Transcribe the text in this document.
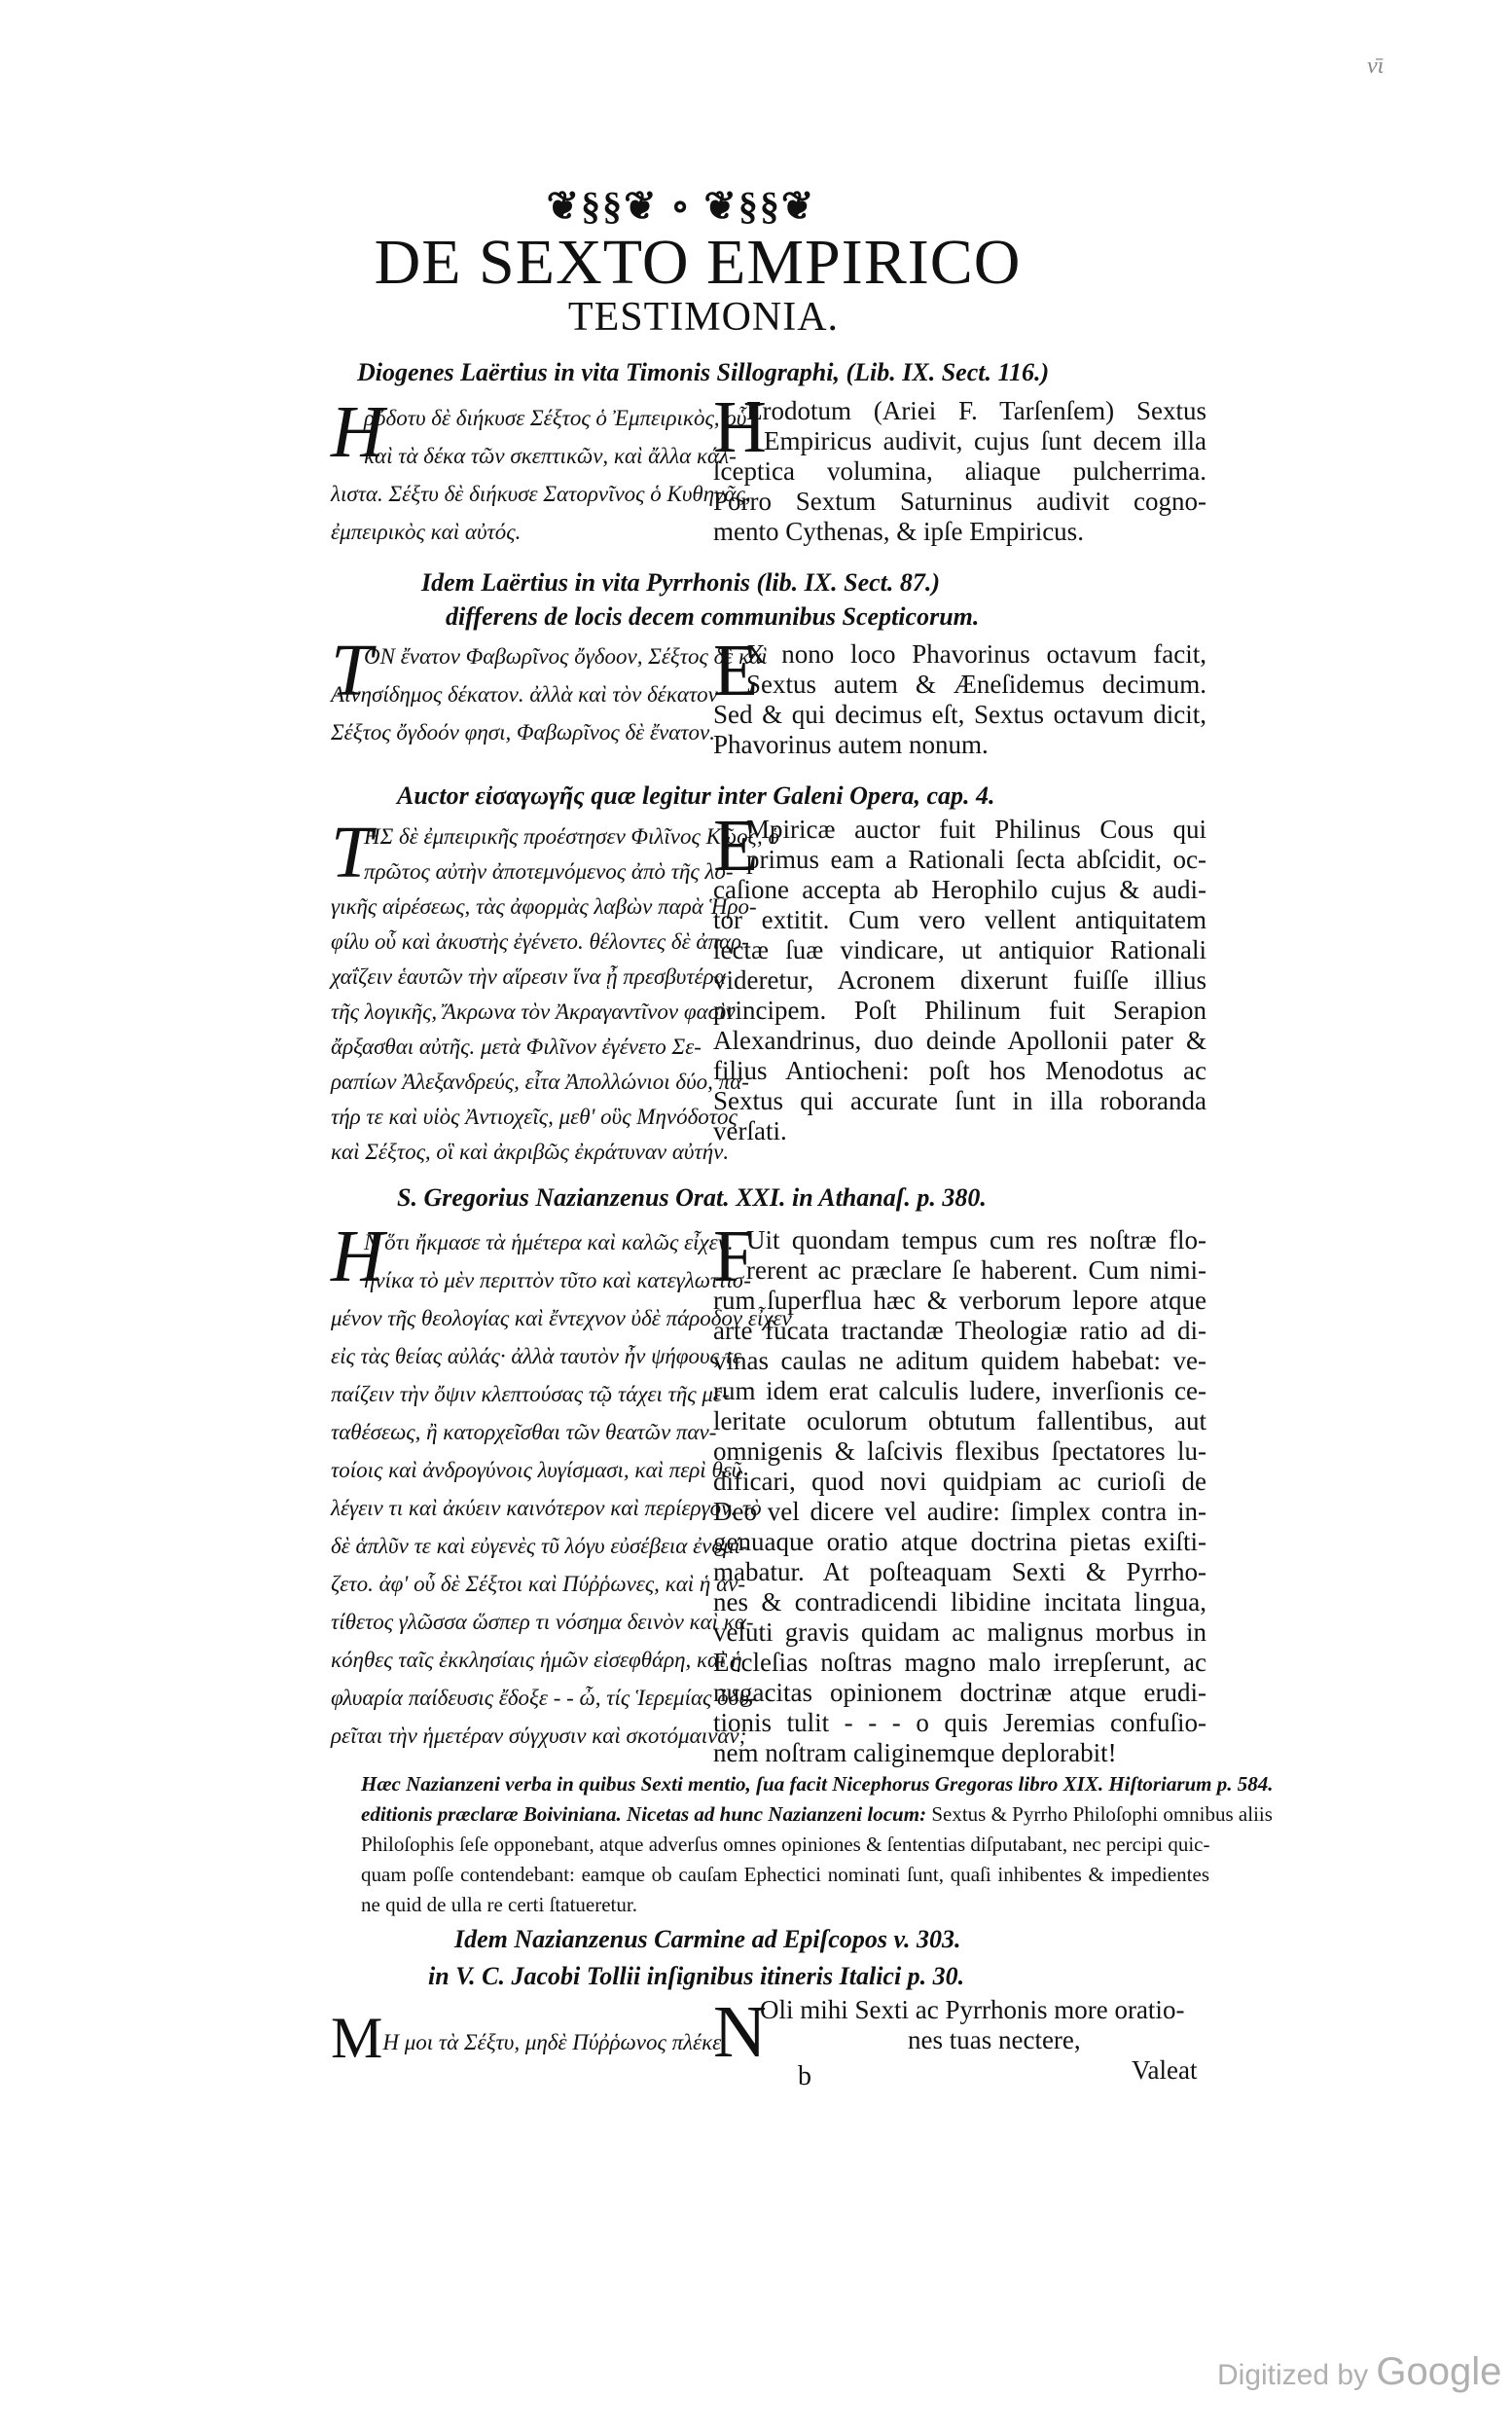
ν̄ι
❦§§❦ ∘ ❦§§❦
DE SEXTO EMPIRICO
TESTIMONIA.
Diogenes Laërtius in vita Timonis Sillographi, (Lib. IX. Sect. 116.)
H
ρόδοτυ δὲ διήκυσε Σέξτος ὁ Ἐμπειρικὸς, οὗ
καὶ τὰ δέκα τῶν σκεπτικῶν, καὶ ἄλλα κάλ-
λιστα. Σέξτυ δὲ διήκυσε Σατορνῖνος ὁ Κυθηνᾶς,
ἐμπειρικὸς καὶ αὐτός.
H
Erodotum (Ariei F. Tarſenſem) Sextus
Empiricus audivit, cujus ſunt decem illa
ſceptica volumina, aliaque pulcherrima.
Porro Sextum Saturninus audivit cogno-
mento Cythenas, & ipſe Empiricus.
Idem Laërtius in vita Pyrrhonis (lib. IX. Sect. 87.)
differens de locis decem communibus Scepticorum.
T
ΟΝ ἔνατον Φαβωρῖνος ὄγδοον, Σέξτος δὲ καὶ
Αἰνησίδημος δέκατον. ἀλλὰ καὶ τὸν δέκατον
Σέξτος ὄγδοόν φησι, Φαβωρῖνος δὲ ἔνατον.
E
X nono loco Phavorinus octavum facit,
Sextus autem & Æneſidemus decimum.
Sed & qui decimus eſt, Sextus octavum dicit,
Phavorinus autem nonum.
Auctor εἰσαγωγῆς quæ legitur inter Galeni Opera, cap. 4.
T
ΗΣ δὲ ἐμπειρικῆς προέστησεν Φιλῖνος Κῷος, ὁ
πρῶτος αὐτὴν ἀποτεμνόμενος ἀπὸ τῆς λο-
γικῆς αἱρέσεως, τὰς ἀφορμὰς λαβὼν παρὰ Ἡρο-
φίλυ οὗ καὶ ἀκυστὴς ἐγένετο. θέλοντες δὲ ἀπαρ-
χαΐζειν ἑαυτῶν τὴν αἵρεσιν ἵνα ᾖ πρεσβυτέρα
τῆς λογικῆς, Ἄκρωνα τὸν Ἀκραγαντῖνον φασὶν
ἄρξασθαι αὐτῆς. μετὰ Φιλῖνον ἐγένετο Σε-
ραπίων Ἀλεξανδρεύς, εἶτα Ἀπολλώνιοι δύο, πα-
τήρ τε καὶ υἱὸς Ἀντιοχεῖς, μεθ' οὓς Μηνόδοτος
καὶ Σέξτος, οἳ καὶ ἀκριβῶς ἐκράτυναν αὐτήν.
E
Mpiricæ auctor fuit Philinus Cous qui
primus eam a Rationali ſecta abſcidit, oc-
caſione accepta ab Herophilo cujus & audi-
tor extitit. Cum vero vellent antiquitatem
ſectæ ſuæ vindicare, ut antiquior Rationali
videretur, Acronem dixerunt fuiſſe illius
principem. Poſt Philinum fuit Serapion
Alexandrinus, duo deinde Apollonii pater &
filius Antiocheni: poſt hos Menodotus ac
Sextus qui accurate ſunt in illa roboranda
verſati.
S. Gregorius Nazianzenus Orat. XXI. in Athanaſ. p. 380.
H
Ν ὅτι ἤκμασε τὰ ἡμέτερα καὶ καλῶς εἶχεν.
ἡνίκα τὸ μὲν περιττὸν τῦτο καὶ κατεγλωττισ-
μένον τῆς θεολογίας καὶ ἔντεχνον ὐδὲ πάροδον εἶχεν
εἰς τὰς θείας αὐλάς· ἀλλὰ ταυτὸν ἦν ψήφους τε
παίζειν τὴν ὄψιν κλεπτούσας τῷ τάχει τῆς με-
ταθέσεως, ἢ κατορχεῖσθαι τῶν θεατῶν παν-
τοίοις καὶ ἀνδρογύνοις λυγίσμασι, καὶ περὶ θεῦ
λέγειν τι καὶ ἀκύειν καινότερον καὶ περίεργον. τὸ
δὲ ἁπλῦν τε καὶ εὐγενὲς τῦ λόγυ εὐσέβεια ἐνομί-
ζετο. ἀφ' οὗ δὲ Σέξτοι καὶ Πύῤῥωνες, καὶ ἡ ἀν-
τίθετος γλῶσσα ὥσπερ τι νόσημα δεινὸν καὶ κα-
κόηθες ταῖς ἐκκλησίαις ἡμῶν εἰσεφθάρη, καὶ ἡ
φλυαρία παίδευσις ἔδοξε - - ὦ, τίς Ἱερεμίας ὀδυ-
ρεῖται τὴν ἡμετέραν σύγχυσιν καὶ σκοτόμαιναν;
F
Uit quondam tempus cum res noſtræ flo-
rerent ac præclare ſe haberent. Cum nimi-
rum ſuperflua hæc & verborum lepore atque
arte fucata tractandæ Theologiæ ratio ad di-
vinas caulas ne aditum quidem habebat: ve-
rum idem erat calculis ludere, inverſionis ce-
leritate oculorum obtutum fallentibus, aut
omnigenis & laſcivis flexibus ſpectatores lu-
dificari, quod novi quidpiam ac curioſi de
Deo vel dicere vel audire: ſimplex contra in-
genuaque oratio atque doctrina pietas exiſti-
mabatur. At poſteaquam Sexti & Pyrrho-
nes & contradicendi libidine incitata lingua,
veluti gravis quidam ac malignus morbus in
Eccleſias noſtras magno malo irrepſerunt, ac
nugacitas opinionem doctrinæ atque erudi-
tionis tulit - - - o quis Jeremias confuſio-
nem noſtram caliginemque deplorabit!
Hæc Nazianzeni verba in quibus Sexti mentio, ſua facit Nicephorus Gregoras libro XIX. Hiſtoriarum p. 584.
editionis præclaræ Boiviniana. Nicetas ad hunc Nazianzeni locum: Sextus & Pyrrho Philoſophi omnibus aliis
Philoſophis ſeſe opponebant, atque adverſus omnes opiniones & ſententias diſputabant, nec percipi quic-
quam poſſe contendebant: eamque ob cauſam Ephectici nominati ſunt, quaſi inhibentes & impedientes
ne quid de ulla re certi ſtatueretur.
Idem Nazianzenus Carmine ad Epiſcopos v. 303.
in V. C. Jacobi Tollii inſignibus itineris Italici p. 30.
MΗ μοι τὰ Σέξτυ, μηδὲ Πύῤῥωνος πλέκε
N
Oli mihi Sexti ac Pyrrhonis more oratio-
nes tuas nectere,
b	Valeat
Digitized by Google
